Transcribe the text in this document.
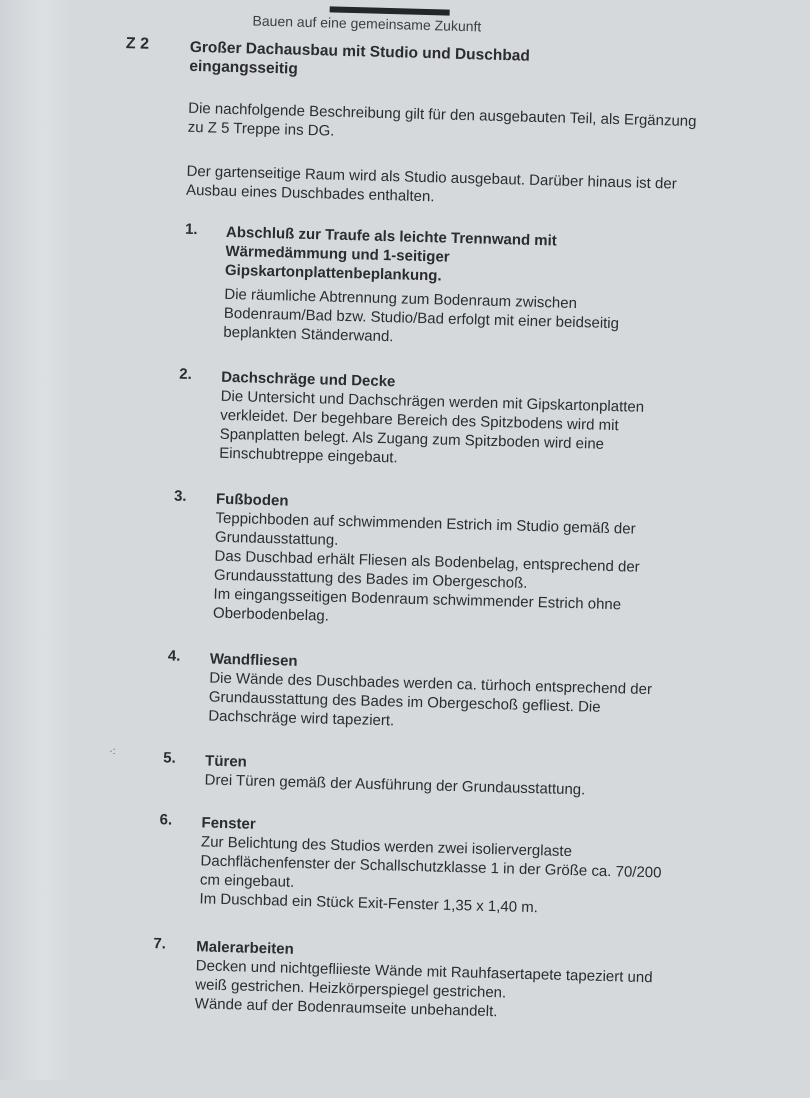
Bauen auf eine gemeinsame Zukunft
Z 2	Großer Dachausbau mit Studio und Duschbad eingangsseitig
Die nachfolgende Beschreibung gilt für den ausgebauten Teil, als Ergänzung zu Z 5 Treppe ins DG.
Der gartenseitige Raum wird als Studio ausgebaut. Darüber hinaus ist der Ausbau eines Duschbades enthalten.
·:
1. Abschluß zur Traufe als leichte Trennwand mit Wärmedämmung und 1-seitiger Gipskartonplattenbeplankung.
Die räumliche Abtrennung zum Bodenraum zwischen Bodenraum/Bad bzw. Studio/Bad erfolgt mit einer beidseitig beplankten Ständerwand.
2. Dachschräge und Decke
Die Untersicht und Dachschrägen werden mit Gipskartonplatten verkleidet. Der begehbare Bereich des Spitzbodens wird mit Spanplatten belegt. Als Zugang zum Spitzboden wird eine Einschubtreppe eingebaut.
3. Fußboden
Teppichboden auf schwimmenden Estrich im Studio gemäß der Grundausstattung.
Das Duschbad erhält Fliesen als Bodenbelag, entsprechend der Grundausstattung des Bades im Obergeschoß.
Im eingangsseitigen Bodenraum schwimmender Estrich ohne Oberbodenbelag.
4. Wandfliesen
Die Wände des Duschbades werden ca. türhoch entsprechend der Grundausstattung des Bades im Obergeschoß gefliest. Die Dachschräge wird tapeziert.
5. Türen
Drei Türen gemäß der Ausführung der Grundausstattung.
6. Fenster
Zur Belichtung des Studios werden zwei isolierverglaste Dachflächenfenster der Schallschutzklasse 1 in der Größe ca. 70/200 cm eingebaut.
Im Duschbad ein Stück Exit-Fenster 1,35 x 1,40 m.
7. Malerarbeiten
Decken und nichtgefliieste Wände mit Rauhfasertapete tapeziert und weiß gestrichen. Heizkörperspiegel gestrichen.
Wände auf der Bodenraumseite unbehandelt.
